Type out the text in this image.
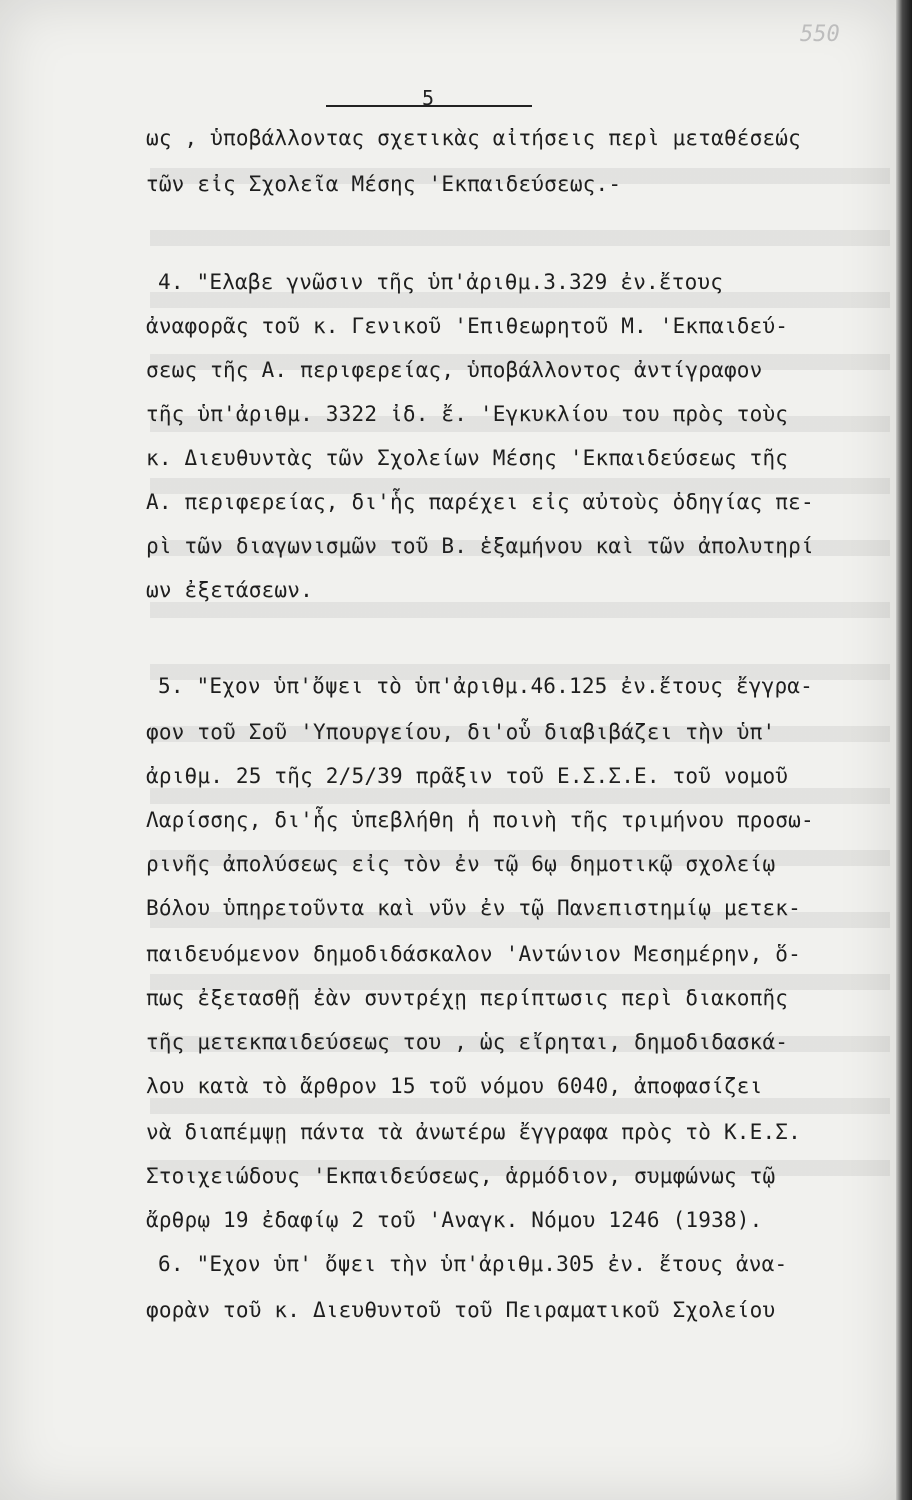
550
5
ως , ὑποβάλλοντας σχετικὰς αἰτήσεις περὶ μεταθέσεώς
τῶν εἰς Σχολεῖα Μέσης 'Εκπαιδεύσεως.-
4. "Ελαβε γνῶσιν τῆς ὑπ'ἀριθμ.3.329 ἐν.ἔτους
ἀναφορᾶς τοῦ κ. Γενικοῦ 'Επιθεωρητοῦ Μ. 'Εκπαιδεύ-
σεως τῆς Α. περιφερείας, ὑποβάλλοντος ἀντίγραφον
τῆς ὑπ'ἀριθμ. 3322 ἰδ. ἔ. 'Εγκυκλίου του πρὸς τοὺς
κ. Διευθυντὰς τῶν Σχολείων Μέσης 'Εκπαιδεύσεως τῆς
Α. περιφερείας, δι'ἧς παρέχει εἰς αὐτοὺς ὁδηγίας πε-
ρὶ τῶν διαγωνισμῶν τοῦ Β. ἑξαμήνου καὶ τῶν ἀπολυτηρί
ων ἐξετάσεων.
5. "Εχον ὑπ'ὄψει τὸ ὑπ'ἀριθμ.46.125 ἐν.ἔτους ἔγγρα-
φον τοῦ Σοῦ 'Υπουργείου, δι'οὗ διαβιβάζει τὴν ὑπ'
ἀριθμ. 25 τῆς 2/5/39 πρᾶξιν τοῦ Ε.Σ.Σ.Ε. τοῦ νομοῦ
Λαρίσσης, δι'ἧς ὑπεβλήθη ἡ ποινὴ τῆς τριμήνου προσω-
ρινῆς ἀπολύσεως εἰς τὸν ἐν τῷ 6ῳ δημοτικῷ σχολείῳ
Βόλου ὑπηρετοῦντα καὶ νῦν ἐν τῷ Πανεπιστημίῳ μετεκ-
παιδευόμενον δημοδιδάσκαλον 'Αντώνιον Μεσημέρην, ὅ-
πως ἐξετασθῇ ἐὰν συντρέχῃ περίπτωσις περὶ διακοπῆς
τῆς μετεκπαιδεύσεως του , ὡς εἴρηται, δημοδιδασκά-
λου κατὰ τὸ ἄρθρον 15 τοῦ νόμου 6040, ἀποφασίζει
νὰ διαπέμψῃ πάντα τὰ ἀνωτέρω ἔγγραφα πρὸς τὸ Κ.Ε.Σ.
Στοιχειώδους 'Εκπαιδεύσεως, ἁρμόδιον, συμφώνως τῷ
ἄρθρῳ 19 ἐδαφίῳ 2 τοῦ 'Αναγκ. Νόμου 1246 (1938).
6. "Εχον ὑπ' ὄψει τὴν ὑπ'ἀριθμ.305 ἐν. ἔτους ἀνα-
φορὰν τοῦ κ. Διευθυντοῦ τοῦ Πειραματικοῦ Σχολείου
